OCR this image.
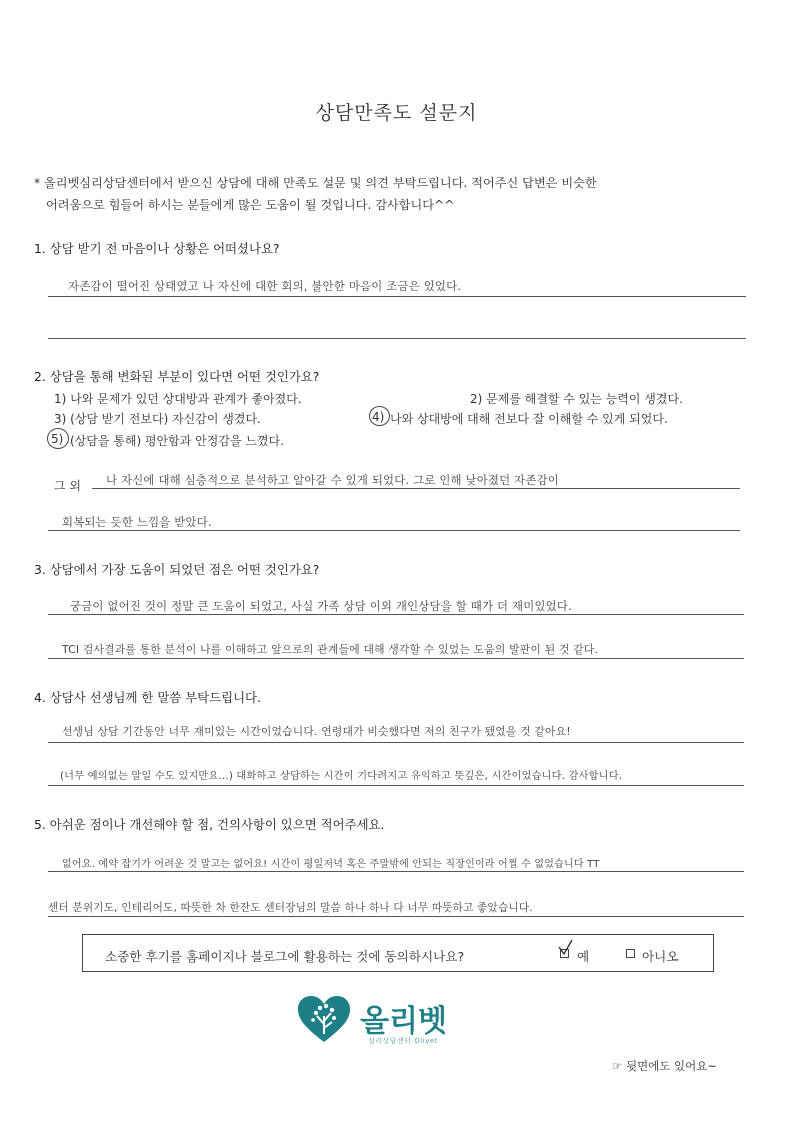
상담만족도 설문지
* 올리벳심리상담센터에서 받으신 상담에 대해 만족도 설문 및 의견 부탁드립니다. 적어주신 답변은 비슷한
어려움으로 힘들어 하시는 분들에게 많은 도움이 될 것입니다. 감사합니다^^
1. 상담 받기 전 마음이나 상황은 어떠셨나요?
자존감이 떨어진 상태였고 나 자신에 대한 회의, 불안한 마음이 조금은 있었다.
2. 상담을 통해 변화된 부분이 있다면 어떤 것인가요?
1) 나와 문제가 있던 상대방과 관계가 좋아졌다.	2) 문제를 해결할 수 있는 능력이 생겼다.
3) (상담 받기 전보다) 자신감이 생겼다.	4) 나와 상대방에 대해 전보다 잘 이해할 수 있게 되었다.
5) (상담을 통해) 평안함과 안정감을 느꼈다.
그 외 나 자신에 대해 심층적으로 분석하고 알아갈 수 있게 되었다. 그로 인해 낮아졌던 자존감이
회복되는 듯한 느낌을 받았다.
3. 상담에서 가장 도움이 되었던 점은 어떤 것인가요?
궁금이 없어진 것이 정말 큰 도움이 되었고, 사실 가족 상담 이외 개인상담을 할 때가 더 재미있었다.
TCI 검사결과를 통한 분석이 나를 이해하고 앞으로의 관계들에 대해 생각할 수 있었는 도움의 발판이 된 것 같다.
4. 상담사 선생님께 한 말씀 부탁드립니다.
선생님 상담 기간동안 너무 재미있는 시간이었습니다. 연령대가 비슷했다면 저의 친구가 됐었을 것 같아요!
(너무 예의없는 말일 수도 있지만요...) 대화하고 상담하는 시간이 기다려지고 유익하고 뜻깊은, 시간이었습니다. 감사합니다.
5. 아쉬운 점이나 개선해야 할 점, 건의사항이 있으면 적어주세요.
없어요. 예약 잡기가 어려운 것 말고는 없어요! 시간이 평일저녁 혹은 주말밖에 안되는 직장인이라 어쩔 수 없었습니다 TT
센터 분위기도, 인테리어도, 따뜻한 차 한잔도 센터장님의 말씀 하나 하나 다 너무 따뜻하고 좋았습니다.
소중한 후기를 홈페이지나 블로그에 활용하는 것에 동의하시나요?	예	아니오
올리벳
심리상담센터 Olivet
☞ 뒷면에도 있어요~
